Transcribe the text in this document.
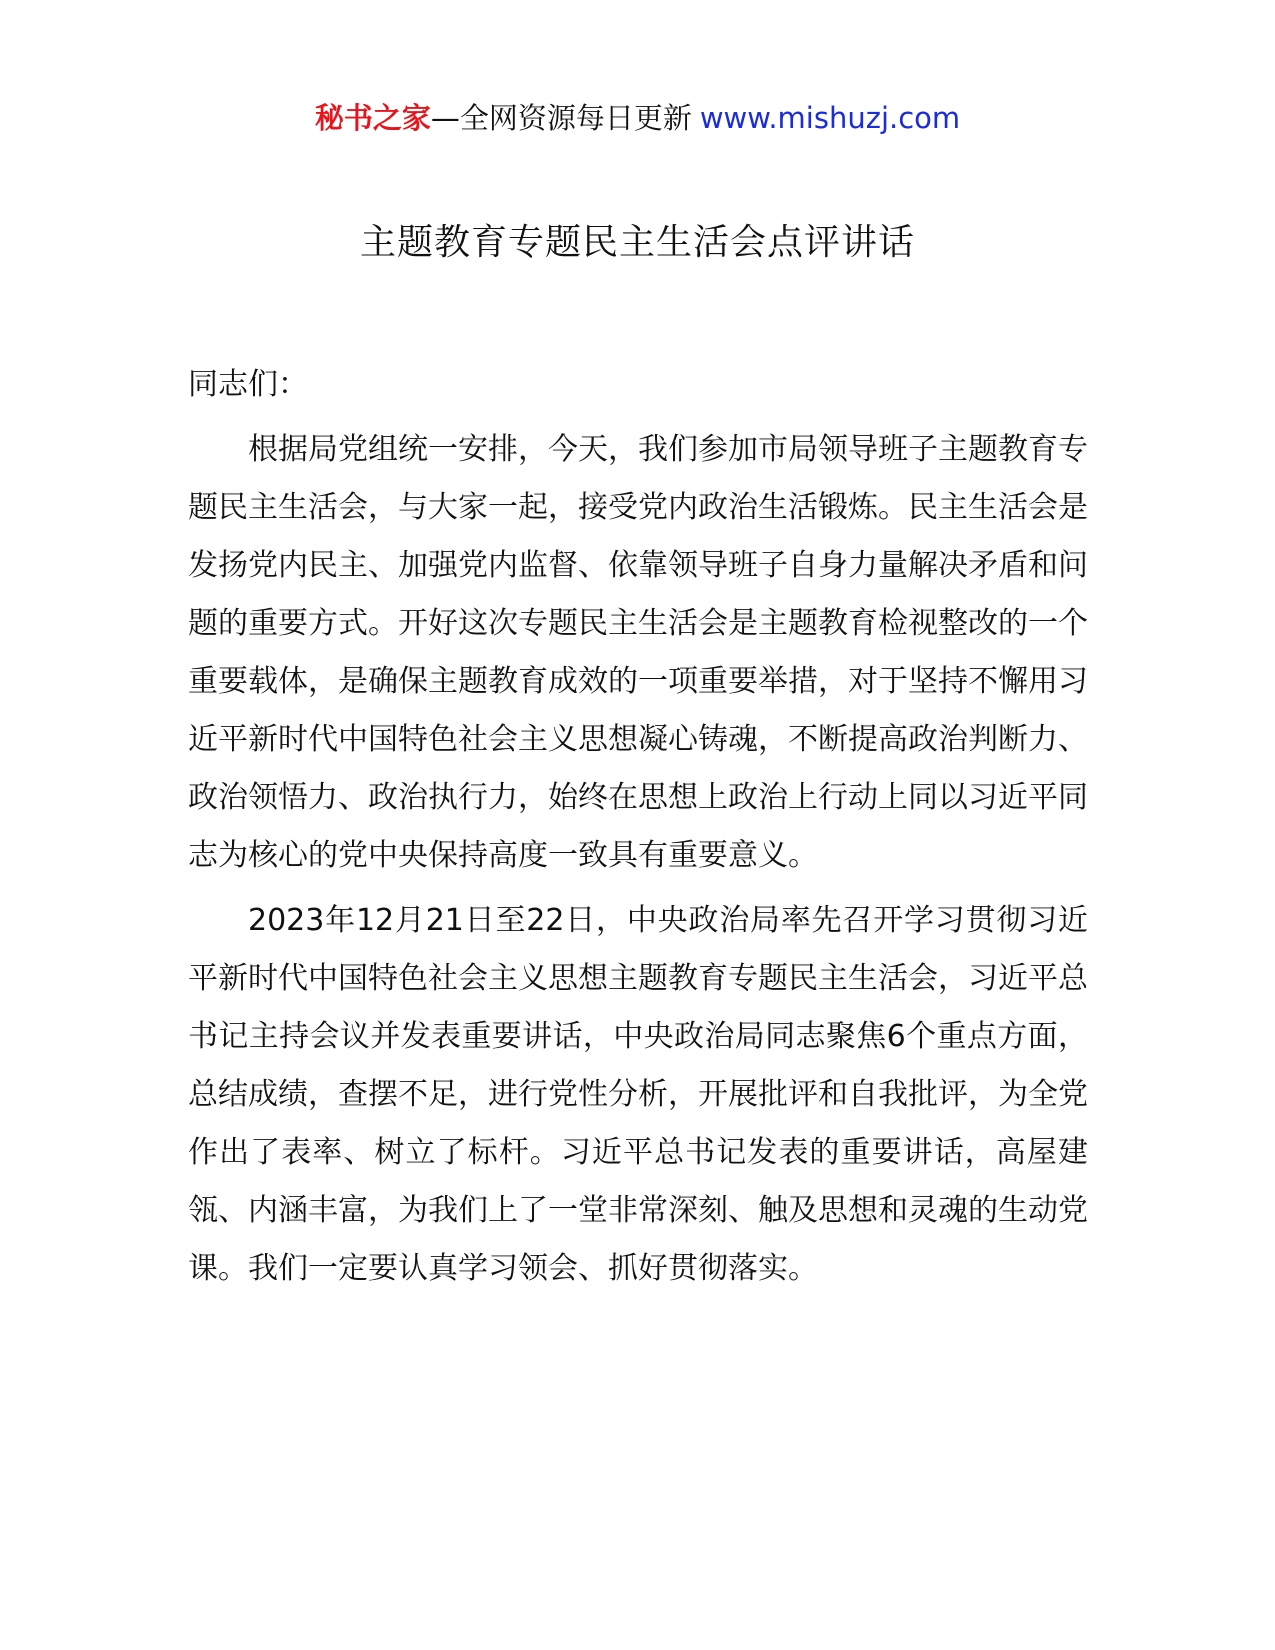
秘书之家—全网资源每日更新 www.mishuzj.com
主题教育专题民主生活会点评讲话

同志们：

根据局党组统一安排，今天，我们参加市局领导班子主题教育专题民主生活会，与大家一起，接受党内政治生活锻炼。民主生活会是发扬党内民主、加强党内监督、依靠领导班子自身力量解决矛盾和问题的重要方式。开好这次专题民主生活会是主题教育检视整改的一个重要载体，是确保主题教育成效的一项重要举措，对于坚持不懈用习近平新时代中国特色社会主义思想凝心铸魂，不断提高政治判断力、政治领悟力、政治执行力，始终在思想上政治上行动上同以习近平同志为核心的党中央保持高度一致具有重要意义。

2023年12月21日至22日，中央政治局率先召开学习贯彻习近平新时代中国特色社会主义思想主题教育专题民主生活会，习近平总书记主持会议并发表重要讲话，中央政治局同志聚焦6个重点方面，总结成绩，查摆不足，进行党性分析，开展批评和自我批评，为全党作出了表率、树立了标杆。习近平总书记发表的重要讲话，高屋建瓴、内涵丰富，为我们上了一堂非常深刻、触及思想和灵魂的生动党课。我们一定要认真学习领会、抓好贯彻落实。
